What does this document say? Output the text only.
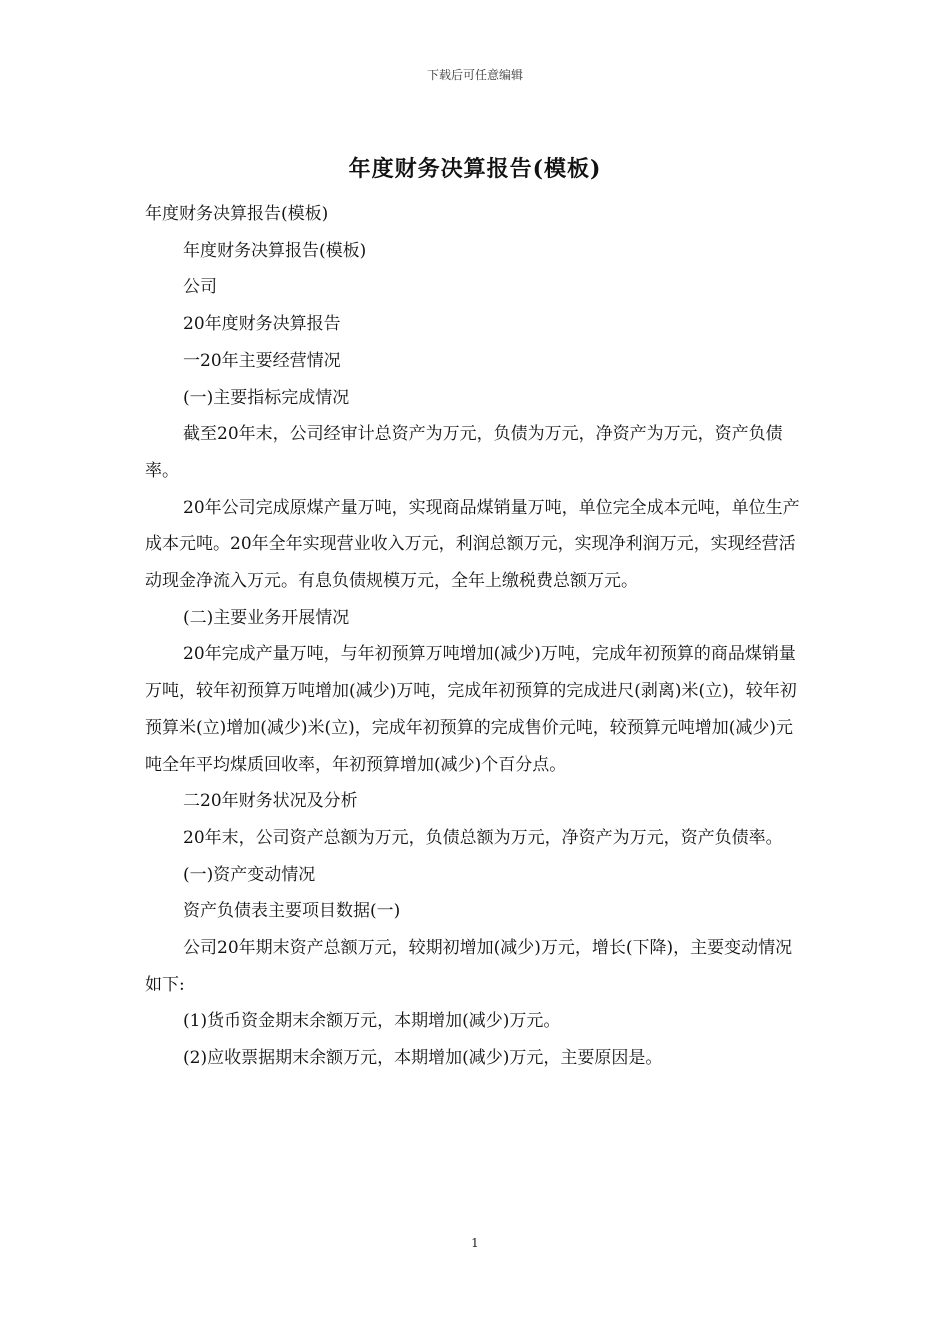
下载后可任意编辑
年度财务决算报告(模板)

年度财务决算报告(模板)

年度财务决算报告(模板)

公司

20年度财务决算报告

一20年主要经营情况

(一)主要指标完成情况

截至20年末，公司经审计总资产为万元，负债为万元，净资产为万元，资产负债率。

20年公司完成原煤产量万吨，实现商品煤销量万吨，单位完全成本元吨，单位生产成本元吨。20年全年实现营业收入万元，利润总额万元，实现净利润万元，实现经营活动现金净流入万元。有息负债规模万元，全年上缴税费总额万元。

(二)主要业务开展情况

20年完成产量万吨，与年初预算万吨增加(减少)万吨，完成年初预算的商品煤销量万吨，较年初预算万吨增加(减少)万吨，完成年初预算的完成进尺(剥离)米(立)，较年初预算米(立)增加(减少)米(立)，完成年初预算的完成售价元吨，较预算元吨增加(减少)元吨全年平均煤质回收率，年初预算增加(减少)个百分点。

二20年财务状况及分析

20年末，公司资产总额为万元，负债总额为万元，净资产为万元，资产负债率。

(一)资产变动情况

资产负债表主要项目数据(一)

公司20年期末资产总额万元，较期初增加(减少)万元，增长(下降)，主要变动情况如下:

(1)货币资金期末余额万元，本期增加(减少)万元。

(2)应收票据期末余额万元，本期增加(减少)万元，主要原因是。

1
